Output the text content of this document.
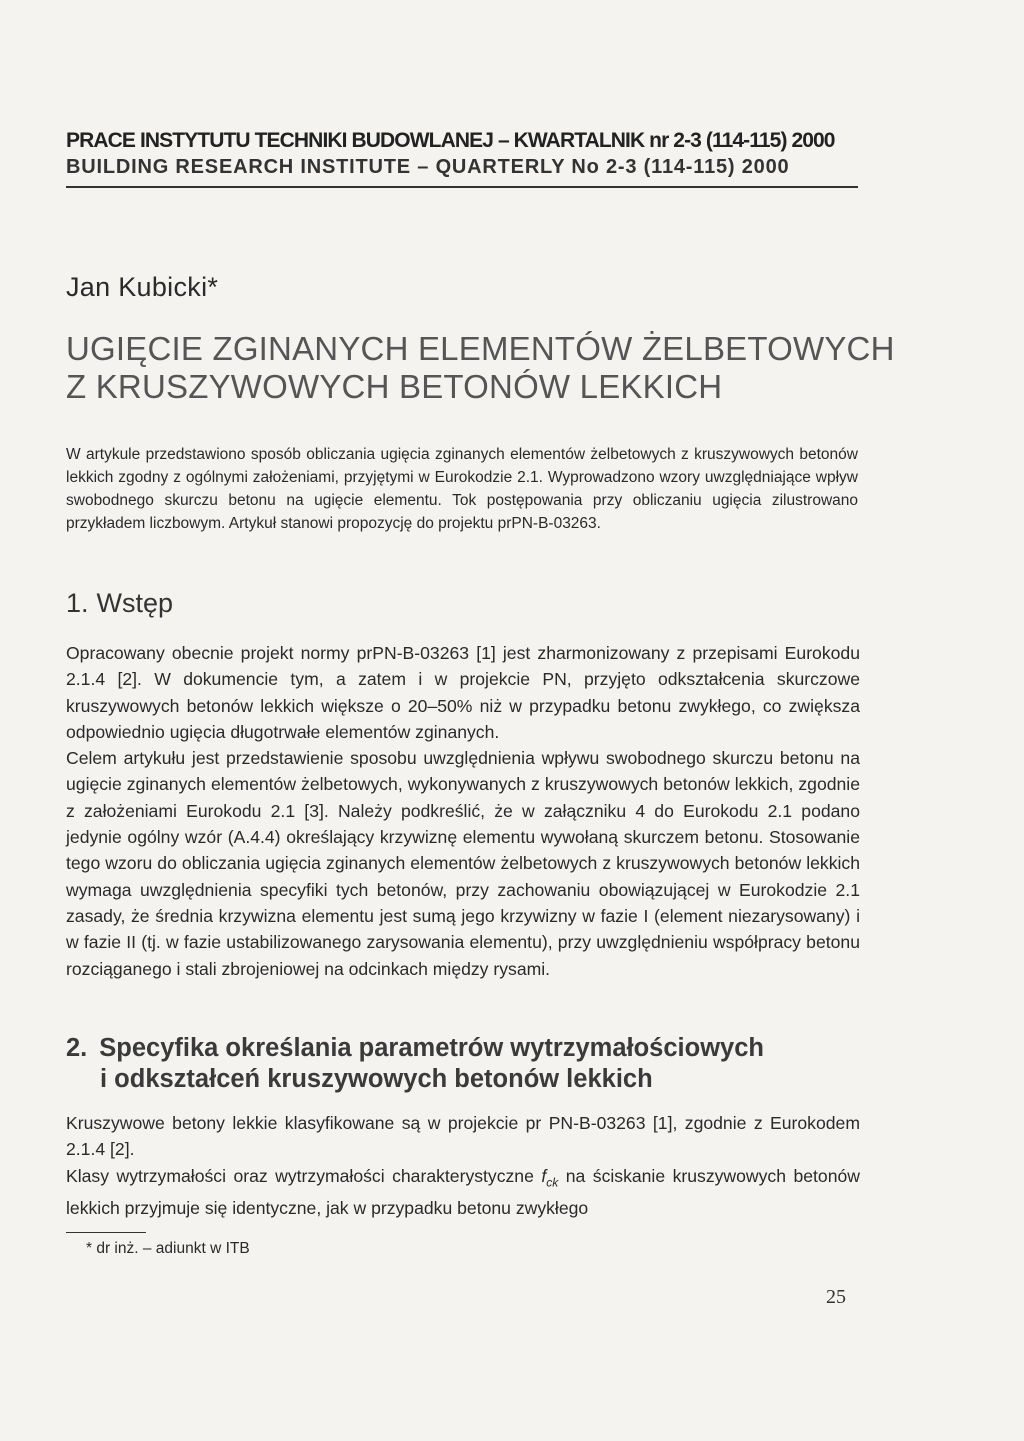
PRACE INSTYTUTU TECHNIKI BUDOWLANEJ – KWARTALNIK nr 2-3 (114-115) 2000
BUILDING RESEARCH INSTITUTE – QUARTERLY No 2-3 (114-115) 2000
Jan Kubicki*
UGIĘCIE ZGINANYCH ELEMENTÓW ŻELBETOWYCH
Z KRUSZYWOWYCH BETONÓW LEKKICH
W artykule przedstawiono sposób obliczania ugięcia zginanych elementów żelbetowych z kruszywowych betonów lekkich zgodny z ogólnymi założeniami, przyjętymi w Eurokodzie 2.1. Wyprowadzono wzory uwzględniające wpływ swobodnego skurczu betonu na ugięcie elementu. Tok postępowania przy obliczaniu ugięcia zilustrowano przykładem liczbowym. Artykuł stanowi propozycję do projektu prPN-B-03263.
1. Wstęp

Opracowany obecnie projekt normy prPN-B-03263 [1] jest zharmonizowany z przepisami Eurokodu 2.1.4 [2]. W dokumencie tym, a zatem i w projekcie PN, przyjęto odkształcenia skurczowe kruszywowych betonów lekkich większe o 20–50% niż w przypadku betonu zwykłego, co zwiększa odpowiednio ugięcia długotrwałe elementów zginanych.

Celem artykułu jest przedstawienie sposobu uwzględnienia wpływu swobodnego skurczu betonu na ugięcie zginanych elementów żelbetowych, wykonywanych z kruszywowych betonów lekkich, zgodnie z założeniami Eurokodu 2.1 [3]. Należy podkreślić, że w załączniku 4 do Eurokodu 2.1 podano jedynie ogólny wzór (A.4.4) określający krzywiznę elementu wywołaną skurczem betonu. Stosowanie tego wzoru do obliczania ugięcia zginanych elementów żelbetowych z kruszywowych betonów lekkich wymaga uwzględnienia specyfiki tych betonów, przy zachowaniu obowiązującej w Eurokodzie 2.1 zasady, że średnia krzywizna elementu jest sumą jego krzywizny w fazie I (element niezarysowany) i w fazie II (tj. w fazie ustabilizowanego zarysowania elementu), przy uwzględnieniu współpracy betonu rozciąganego i stali zbrojeniowej na odcinkach między rysami.

2. Specyfika określania parametrów wytrzymałościowych
i odkształceń kruszywowych betonów lekkich

Kruszywowe betony lekkie klasyfikowane są w projekcie pr PN-B-03263 [1], zgodnie z Eurokodem 2.1.4 [2].

Klasy wytrzymałości oraz wytrzymałości charakterystyczne $f_{ck}$ na ściskanie kruszywowych betonów lekkich przyjmuje się identyczne, jak w przypadku betonu zwykłego

* dr inż. – adiunkt w ITB
25
